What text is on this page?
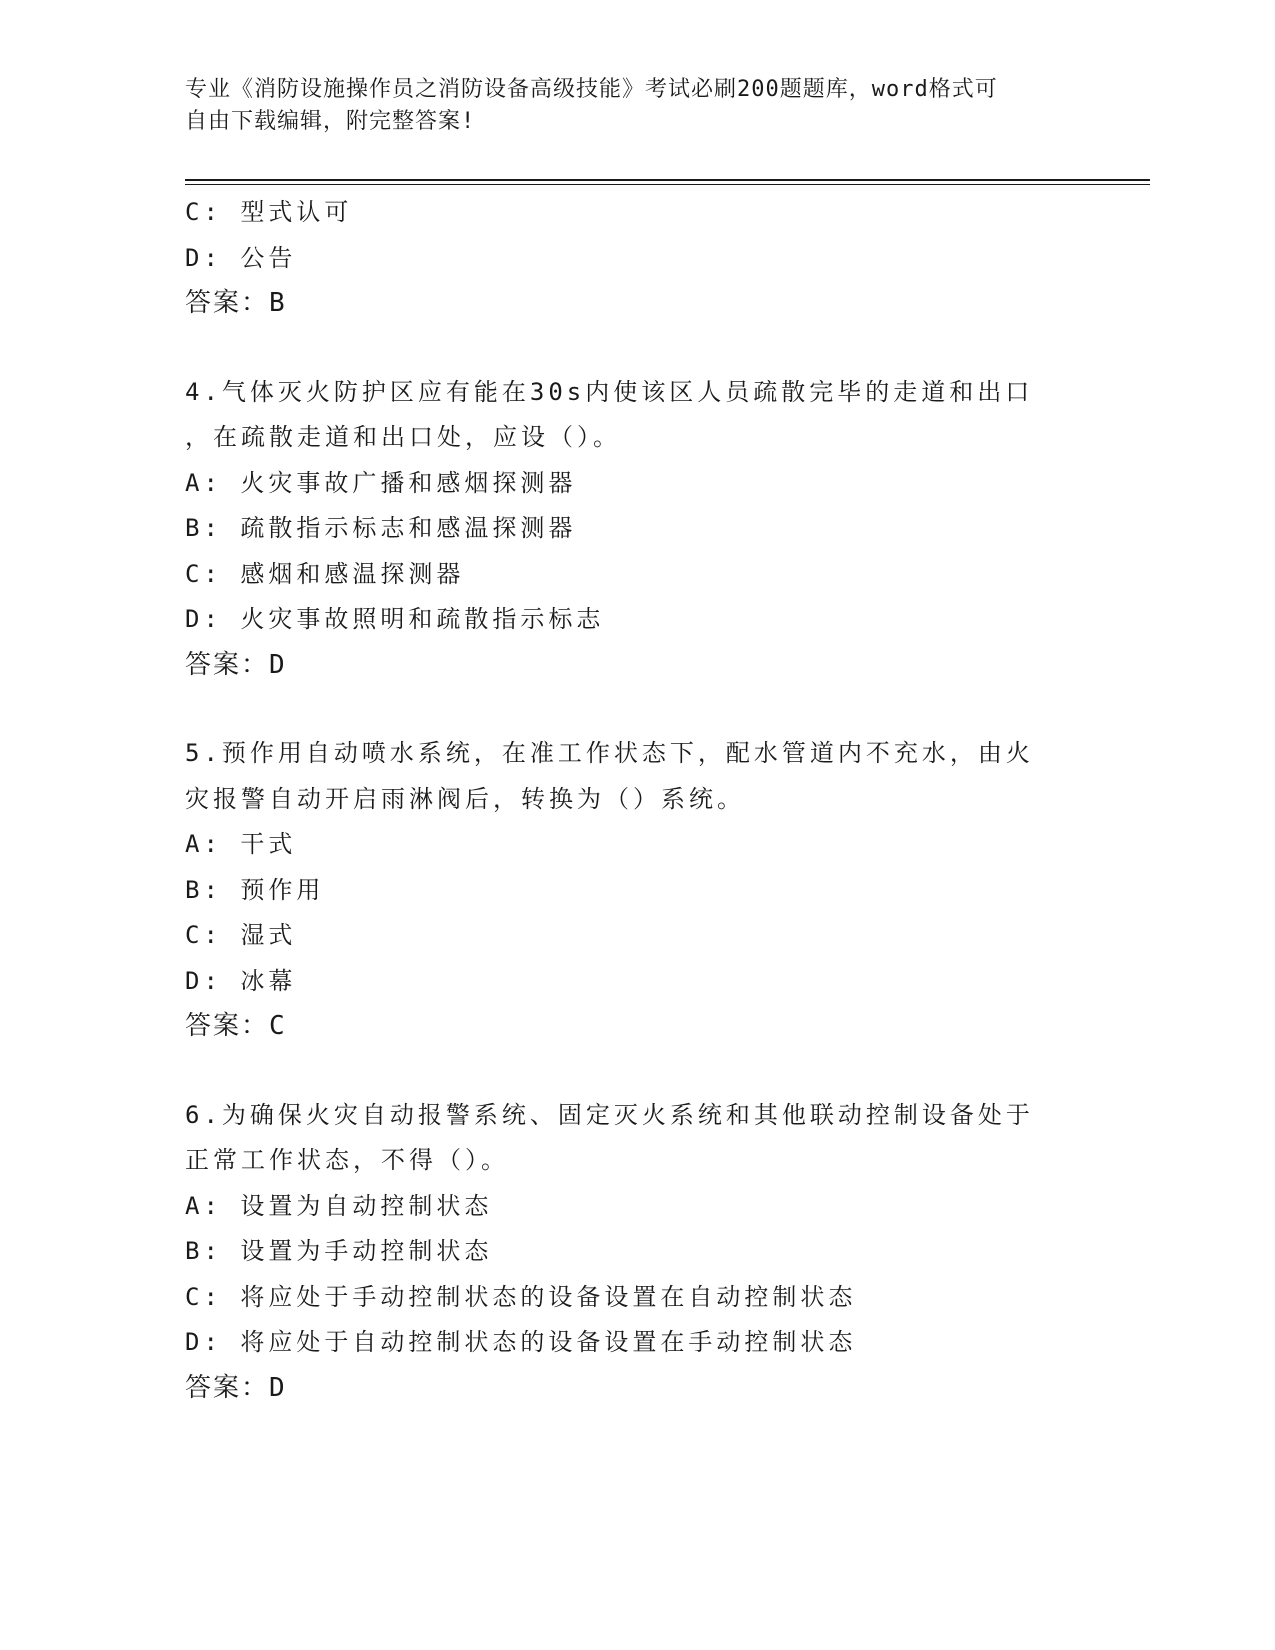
专业《消防设施操作员之消防设备高级技能》考试必刷200题题库，word格式可
自由下载编辑，附完整答案!
C: 型式认可
D: 公告
答案：B
4.气体灭火防护区应有能在30s内使该区人员疏散完毕的走道和出口
，在疏散走道和出口处，应设（）。
A: 火灾事故广播和感烟探测器
B: 疏散指示标志和感温探测器
C: 感烟和感温探测器
D: 火灾事故照明和疏散指示标志
答案：D
5.预作用自动喷水系统，在准工作状态下，配水管道内不充水，由火
灾报警自动开启雨淋阀后，转换为（）系统。
A: 干式
B: 预作用
C: 湿式
D: 冰幕
答案：C
6.为确保火灾自动报警系统、固定灭火系统和其他联动控制设备处于
正常工作状态，不得（）。
A: 设置为自动控制状态
B: 设置为手动控制状态
C: 将应处于手动控制状态的设备设置在自动控制状态
D: 将应处于自动控制状态的设备设置在手动控制状态
答案：D
